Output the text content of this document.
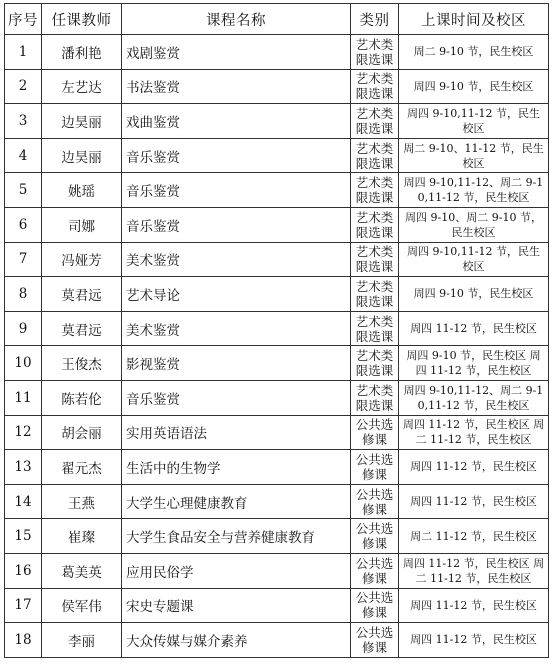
序号	任课教师	课程名称	类别	上课时间及校区
1	潘利艳	戏剧鉴赏	艺术类限选课	周二 9-10 节，民生校区
2	左艺达	书法鉴赏	艺术类限选课	周四 9-10 节，民生校区
3	边昊丽	戏曲鉴赏	艺术类限选课	周四 9-10,11-12 节，民生校区
4	边昊丽	音乐鉴赏	艺术类限选课	周二 9-10、11-12 节，民生校区
5	姚瑶	音乐鉴赏	艺术类限选课	周四 9-10,11-12、周二 9-10,11-12 节，民生校区
6	司娜	音乐鉴赏	艺术类限选课	周四 9-10、周二 9-10 节，民生校区
7	冯娅芳	美术鉴赏	艺术类限选课	周四 9-10,11-12 节，民生校区
8	莫君远	艺术导论	艺术类限选课	周四 9-10 节，民生校区
9	莫君远	美术鉴赏	艺术类限选课	周四 11-12 节，民生校区
10	王俊杰	影视鉴赏	艺术类限选课	周四 9-10 节，民生校区 周四 11-12 节，民生校区
11	陈若伦	音乐鉴赏	艺术类限选课	周四 9-10,11-12、周二 9-10,11-12 节，民生校区
12	胡会丽	实用英语语法	公共选修课	周四 11-12 节，民生校区 周二 11-12 节，民生校区
13	翟元杰	生活中的生物学	公共选修课	周四 11-12 节，民生校区
14	王燕	大学生心理健康教育	公共选修课	周四 11-12 节，民生校区
15	崔璨	大学生食品安全与营养健康教育	公共选修课	周二 11-12 节，民生校区
16	葛美英	应用民俗学	公共选修课	周四 11-12 节，民生校区 周二 11-12 节，民生校区
17	侯军伟	宋史专题课	公共选修课	周四 11-12 节，民生校区
18	李丽	大众传媒与媒介素养	公共选修课	周四 11-12 节，民生校区
